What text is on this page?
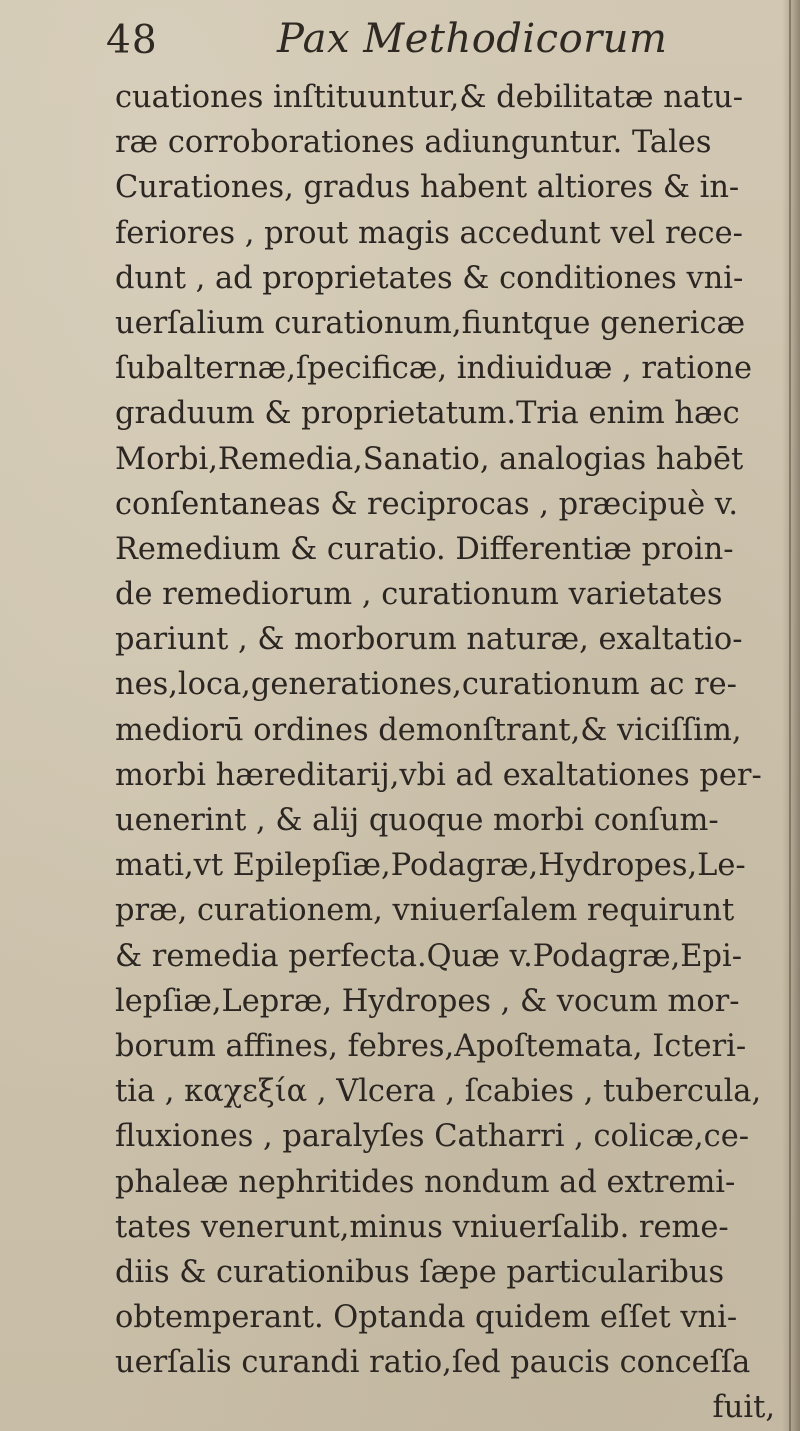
48	Pax Methodicorum
cuationes inſtituuntur,& debilitatæ natu-
ræ corroborationes adiunguntur. Tales
Curationes, gradus habent altiores & in-
feriores , prout magis accedunt vel rece-
dunt , ad proprietates & conditiones vni-
uerſalium curationum,fiuntque genericæ
ſubalternæ,ſpecificæ, indiuiduæ , ratione
graduum & proprietatum.Tria enim hæc
Morbi,Remedia,Sanatio, analogias habēt
conſentaneas & reciprocas , præcipuè v.
Remedium & curatio. Differentiæ proin-
de remediorum , curationum varietates
pariunt , & morborum naturæ, exaltatio-
nes,loca,generationes,curationum ac re-
mediorū ordines demonſtrant,& viciſſim,
morbi hæreditarij,vbi ad exaltationes per-
uenerint , & alij quoque morbi conſum-
mati,vt Epilepſiæ,Podagræ,Hydropes,Le-
præ, curationem, vniuerſalem requirunt
& remedia perfecta.Quæ v.Podagræ,Epi-
lepſiæ,Lepræ, Hydropes , & vocum mor-
borum affines, febres,Apoſtemata, Icteri-
tia , καχεξία , Vlcera , ſcabies , tubercula,
fluxiones , paralyſes Catharri , colicæ,ce-
phaleæ nephritides nondum ad extremi-
tates venerunt,minus vniuerſalib. reme-
diis & curationibus ſæpe particularibus
obtemperant. Optanda quidem eſſet vni-
uerſalis curandi ratio,ſed paucis conceſſa
fuit,
